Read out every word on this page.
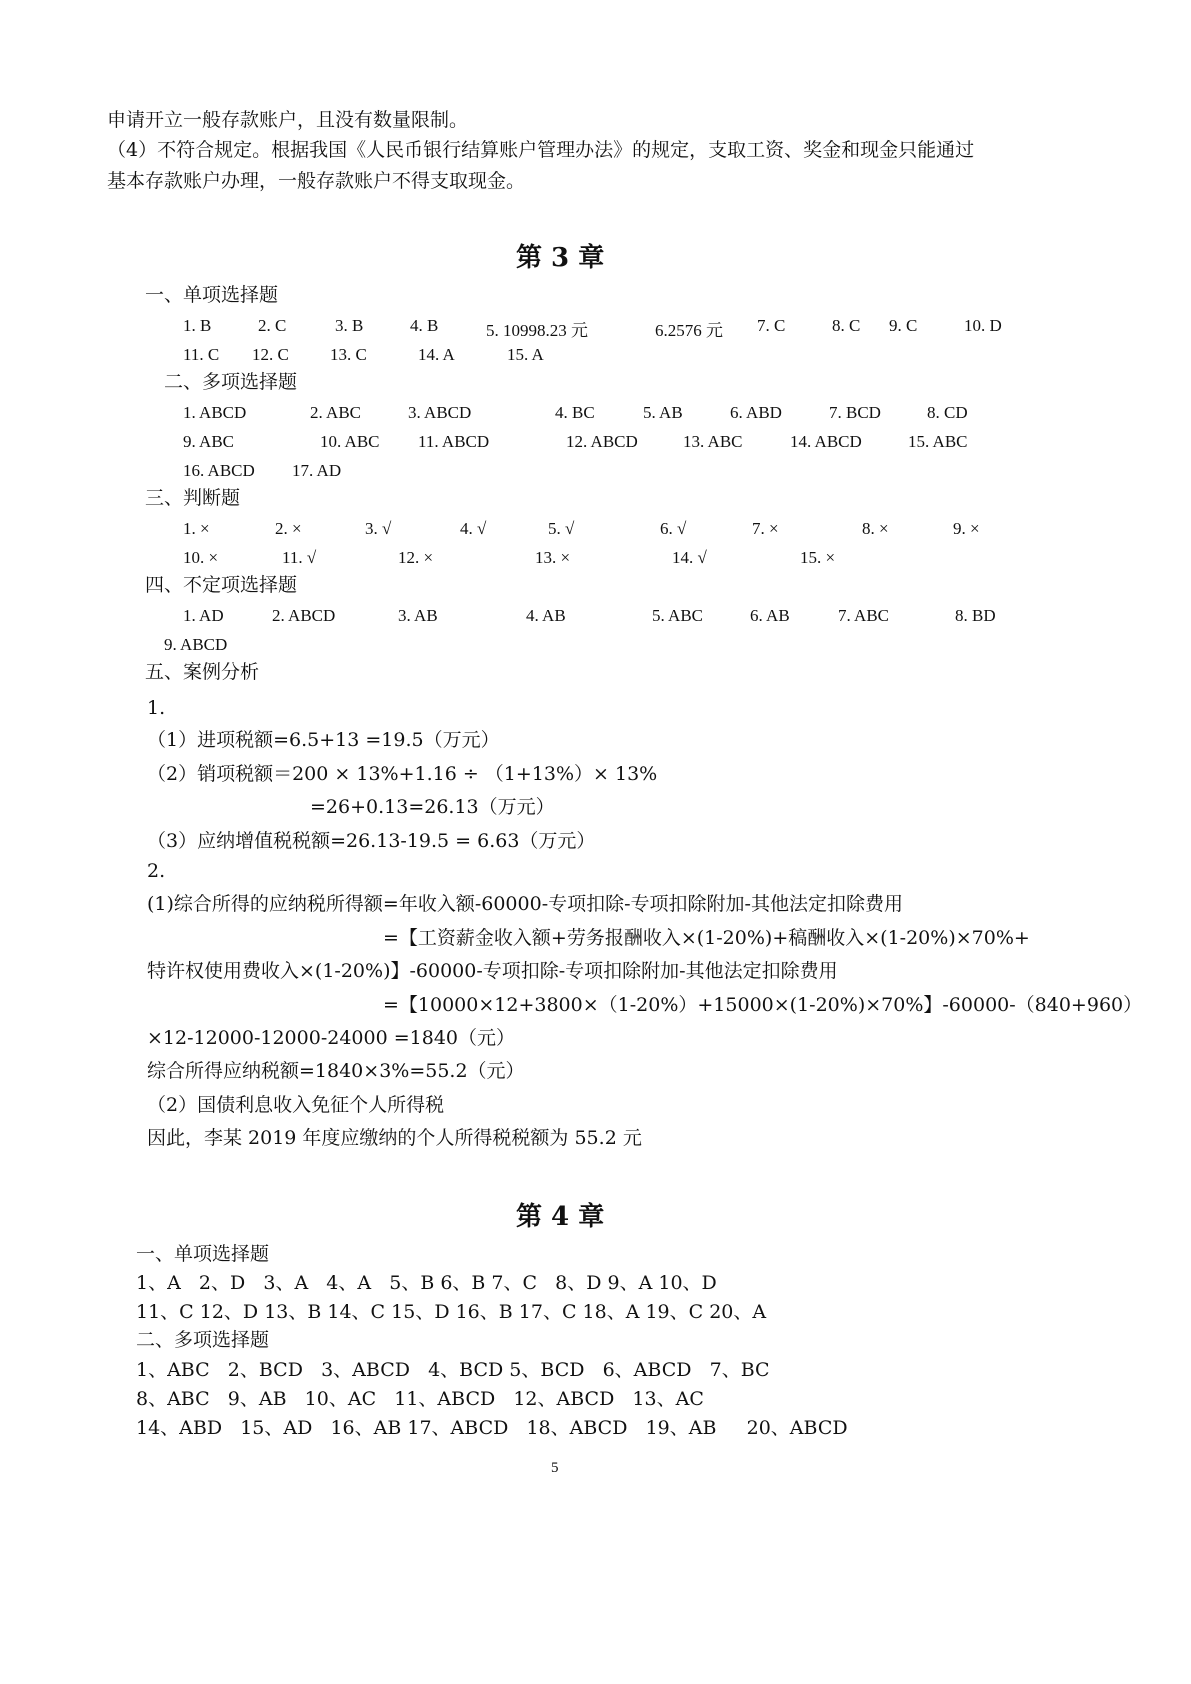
申请开立一般存款账户，且没有数量限制。
（4）不符合规定。根据我国《人民币银行结算账户管理办法》的规定，支取工资、奖金和现金只能通过
基本存款账户办理，一般存款账户不得支取现金。
第 3 章
一、单项选择题
1. B	2. C	3. B	4. B	5. 10998.23 元	6.2576 元 7. C	8. C 9. C	10. D
11. C 12. C 13. C	14. A	15. A
二、多项选择题
1. ABCD	2. ABC	3. ABCD	4. BC	5. AB	6. ABD	7. BCD	8. CD
9. ABC	10. ABC 11. ABCD	12. ABCD	13. ABC	14. ABCD	15. ABC
16. ABCD 17. AD
三、判断题
1. ×	2. ×	3. √	4. √	5. √	6. √	7. ×	8. ×	9. ×
10. ×	11. √	12. ×	13. ×	14. √	15. ×
四、不定项选择题
1. AD	2. ABCD	3. AB	4. AB	5. ABC	6. AB	7. ABC	8. BD
9. ABCD
五、案例分析
1.
（1）进项税额=6.5+13 =19.5（万元）
（2）销项税额＝200 × 13%+1.16 ÷ （1+13%）× 13%
=26+0.13=26.13（万元）
（3）应纳增值税税额=26.13-19.5 = 6.63（万元）
2.
(1)综合所得的应纳税所得额=年收入额-60000-专项扣除-专项扣除附加-其他法定扣除费用
=【工资薪金收入额+劳务报酬收入×(1-20%)+稿酬收入×(1-20%)×70%+
特许权使用费收入×(1-20%)】-60000-专项扣除-专项扣除附加-其他法定扣除费用
=【10000×12+3800×（1-20%）+15000×(1-20%)×70%】-60000-（840+960）
×12-12000-12000-24000 =1840（元）
综合所得应纳税额=1840×3%=55.2（元）
（2）国债利息收入免征个人所得税
因此，李某 2019 年度应缴纳的个人所得税税额为 55.2 元
第 4 章
一、单项选择题
1、A   2、D   3、A   4、A   5、B 6、B 7、C   8、D 9、A 10、D
11、C 12、D 13、B 14、C 15、D 16、B 17、C 18、A 19、C 20、A
二、多项选择题
1、ABC   2、BCD   3、ABCD   4、BCD 5、BCD   6、ABCD   7、BC
8、ABC   9、AB   10、AC   11、ABCD   12、ABCD   13、AC
14、ABD   15、AD   16、AB 17、ABCD   18、ABCD   19、AB     20、ABCD
5
